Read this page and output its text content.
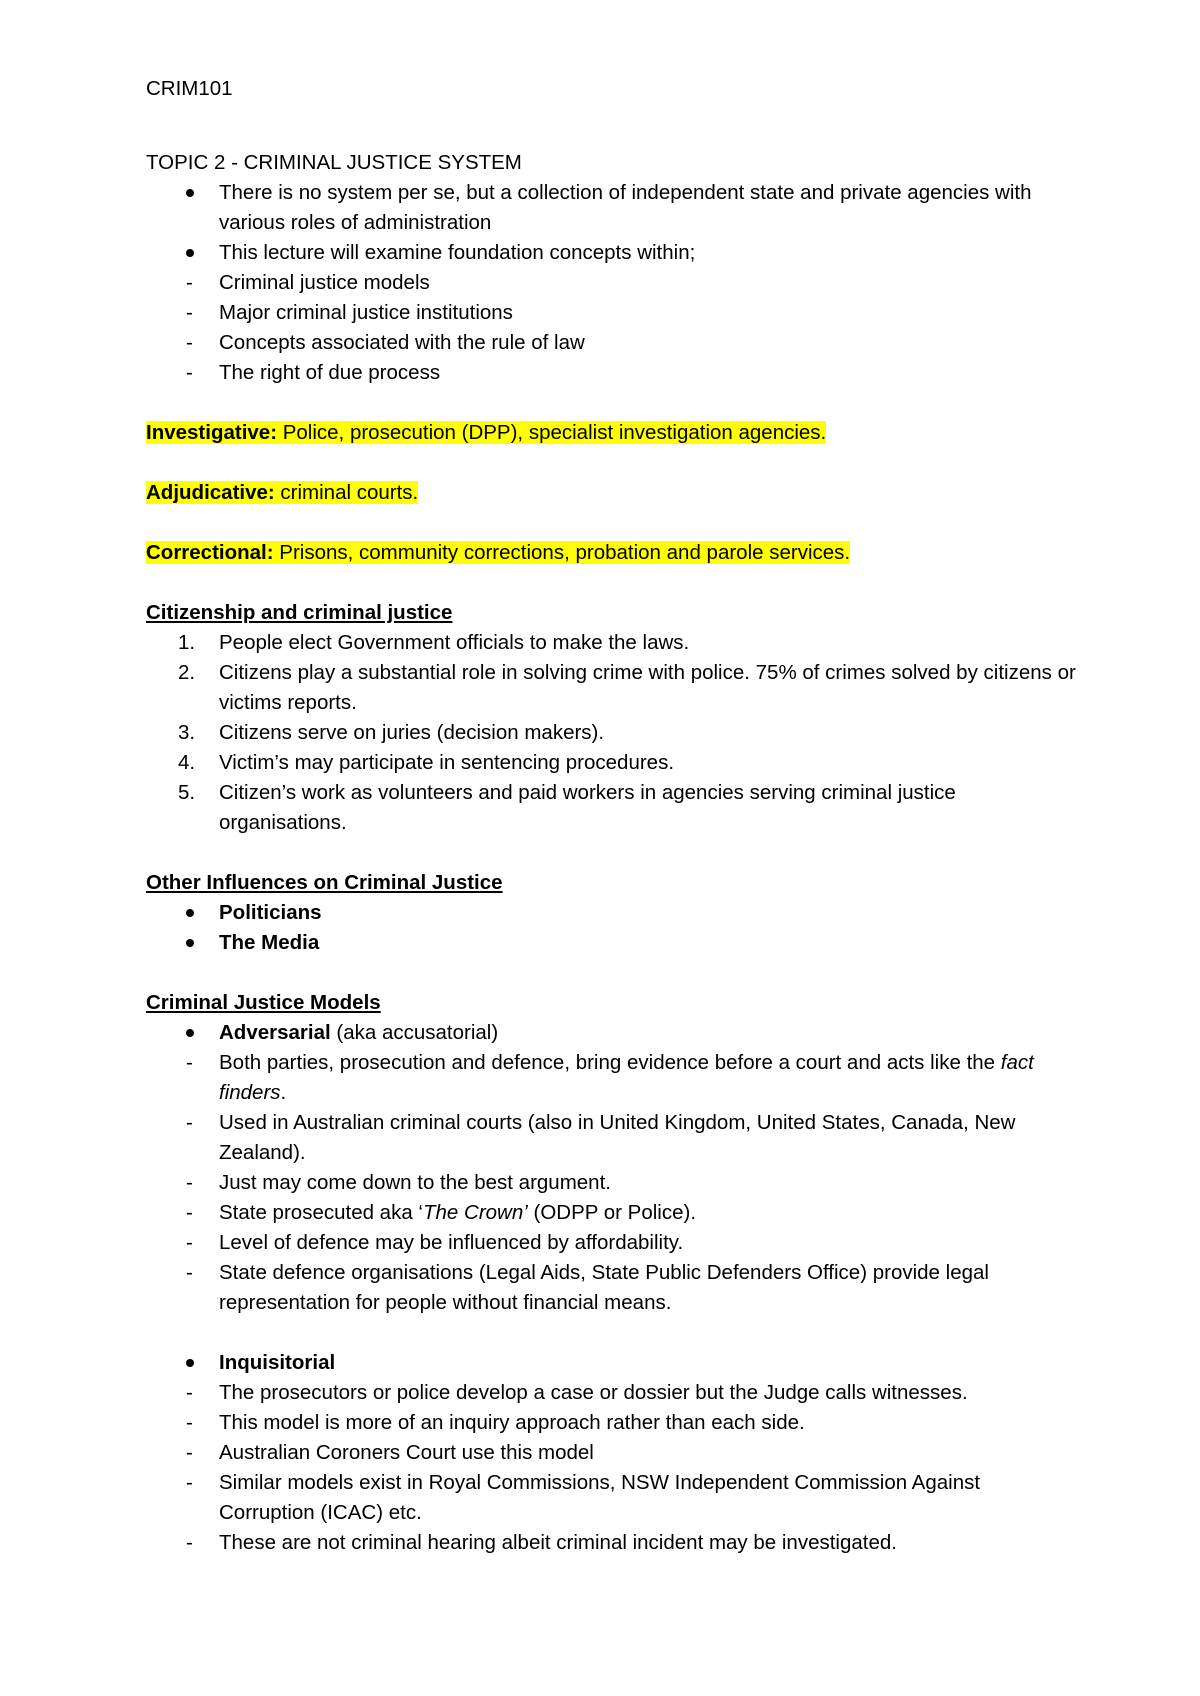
CRIM101

TOPIC 2 - CRIMINAL JUSTICE SYSTEM

There is no system per se, but a collection of independent state and private agencies with various roles of administration
This lecture will examine foundation concepts within;
- Criminal justice models
- Major criminal justice institutions
- Concepts associated with the rule of law
- The right of due process

Investigative: Police, prosecution (DPP), specialist investigation agencies.

Adjudicative: criminal courts.

Correctional: Prisons, community corrections, probation and parole services.

Citizenship and criminal justice

1. People elect Government officials to make the laws.
2. Citizens play a substantial role in solving crime with police. 75% of crimes solved by citizens or victims reports.
3. Citizens serve on juries (decision makers).
4. Victim’s may participate in sentencing procedures.
5. Citizen’s work as volunteers and paid workers in agencies serving criminal justice organisations.

Other Influences on Criminal Justice

Politicians
The Media

Criminal Justice Models

Adversarial (aka accusatorial)
- Both parties, prosecution and defence, bring evidence before a court and acts like the fact finders.
- Used in Australian criminal courts (also in United Kingdom, United States, Canada, New Zealand).
- Just may come down to the best argument.
- State prosecuted aka ‘The Crown’ (ODPP or Police).
- Level of defence may be influenced by affordability.
- State defence organisations (Legal Aids, State Public Defenders Office) provide legal representation for people without financial means.
Inquisitorial
- The prosecutors or police develop a case or dossier but the Judge calls witnesses.
- This model is more of an inquiry approach rather than each side.
- Australian Coroners Court use this model
- Similar models exist in Royal Commissions, NSW Independent Commission Against Corruption (ICAC) etc.
- These are not criminal hearing albeit criminal incident may be investigated.
